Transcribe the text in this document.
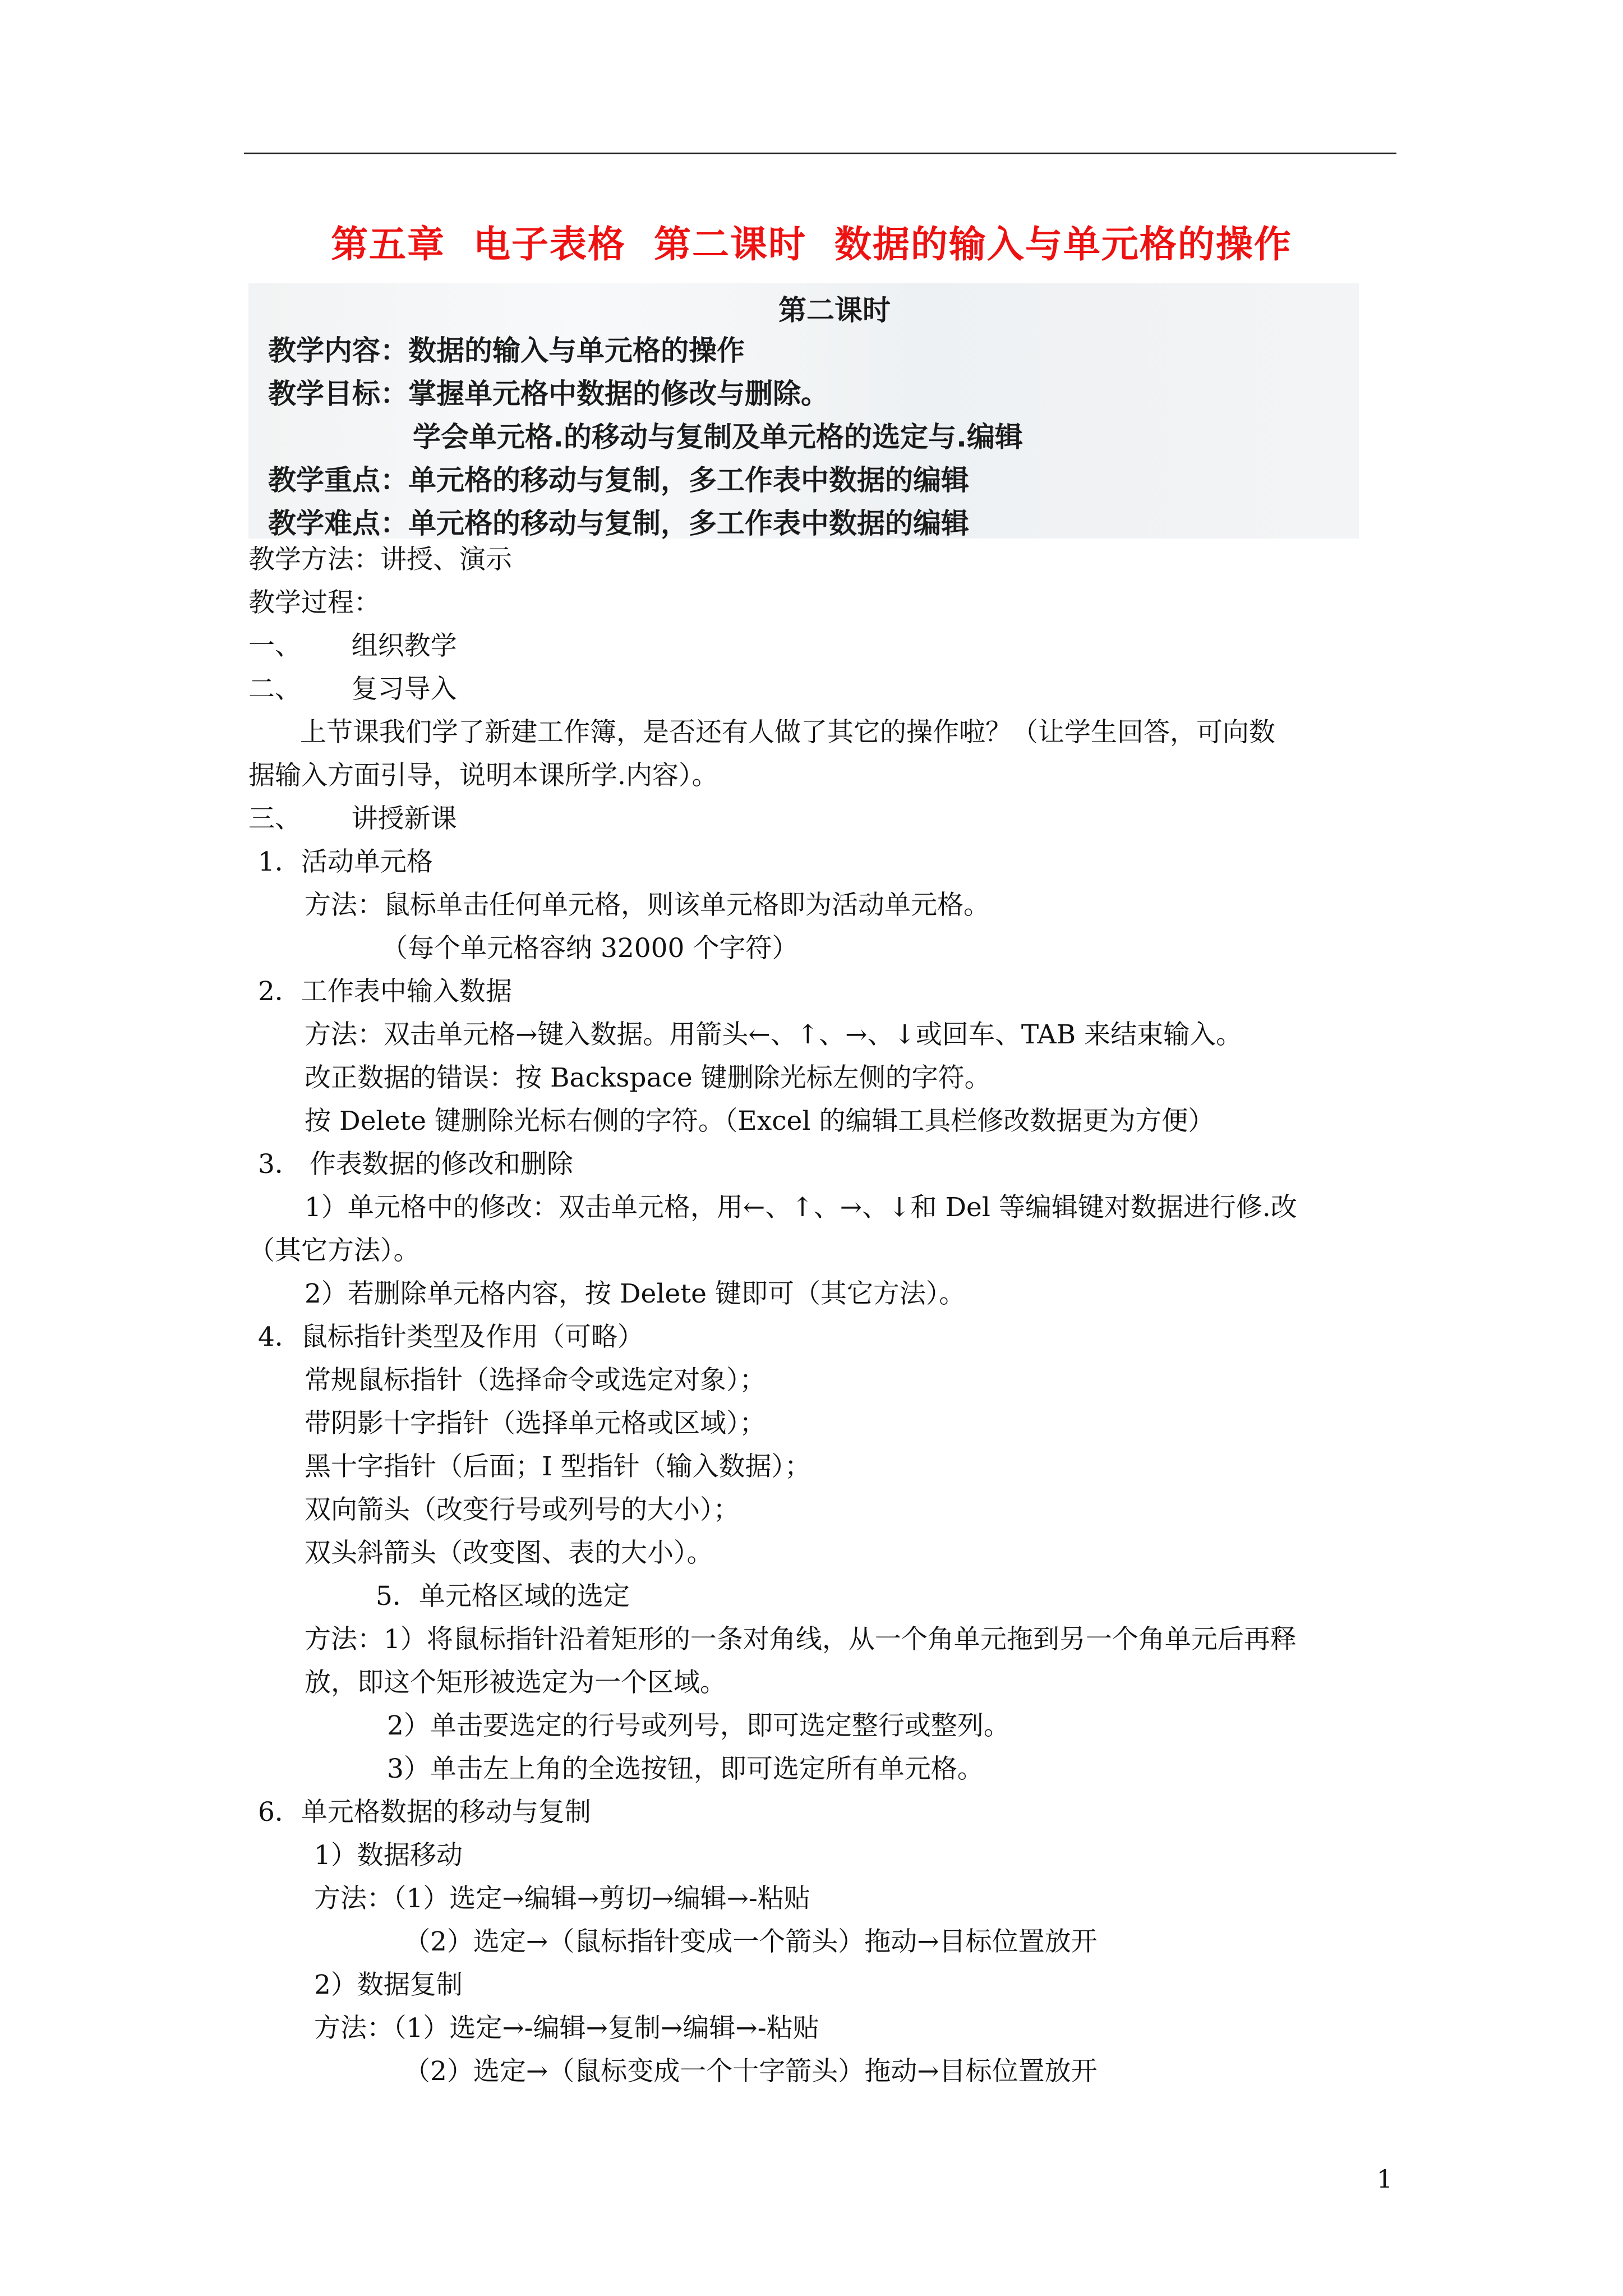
第五章  电子表格  第二课时  数据的输入与单元格的操作
第二课时
教学内容：数据的输入与单元格的操作
教学目标：掌握单元格中数据的修改与删除。
学会单元格.的移动与复制及单元格的选定与.编辑
教学重点：单元格的移动与复制，多工作表中数据的编辑
教学难点：单元格的移动与复制，多工作表中数据的编辑
教学方法：讲授、演示
教学过程：
一、      组织教学
二、      复习导入
上节课我们学了新建工作簿，是否还有人做了其它的操作啦？（让学生回答，可向数
据输入方面引导，说明本课所学.内容）。
三、      讲授新课
1．活动单元格
方法：鼠标单击任何单元格，则该单元格即为活动单元格。
（每个单元格容纳 32000 个字符）
2．工作表中输入数据
方法：双击单元格→键入数据。用箭头←、↑、→、↓或回车、TAB 来结束输入。
改正数据的错误：按 Backspace 键删除光标左侧的字符。
按 Delete 键删除光标右侧的字符。（Excel 的编辑工具栏修改数据更为方便）
3． 作表数据的修改和删除
1）单元格中的修改：双击单元格，用←、↑、→、↓和 Del 等编辑键对数据进行修.改
（其它方法）。
2）若删除单元格内容，按 Delete 键即可（其它方法）。
4．鼠标指针类型及作用（可略）
常规鼠标指针（选择命令或选定对象）；
带阴影十字指针（选择单元格或区域）；
黑十字指针（后面；I 型指针（输入数据）；
双向箭头（改变行号或列号的大小）；
双头斜箭头（改变图、表的大小）。
5．单元格区域的选定
方法：1）将鼠标指针沿着矩形的一条对角线，从一个角单元拖到另一个角单元后再释
放，即这个矩形被选定为一个区域。
2）单击要选定的行号或列号，即可选定整行或整列。
3）单击左上角的全选按钮，即可选定所有单元格。
6．单元格数据的移动与复制
1）数据移动
方法：（1）选定→编辑→剪切→编辑→-粘贴
（2）选定→（鼠标指针变成一个箭头）拖动→目标位置放开
2）数据复制
方法：（1）选定→-编辑→复制→编辑→-粘贴
（2）选定→（鼠标变成一个十字箭头）拖动→目标位置放开
1
